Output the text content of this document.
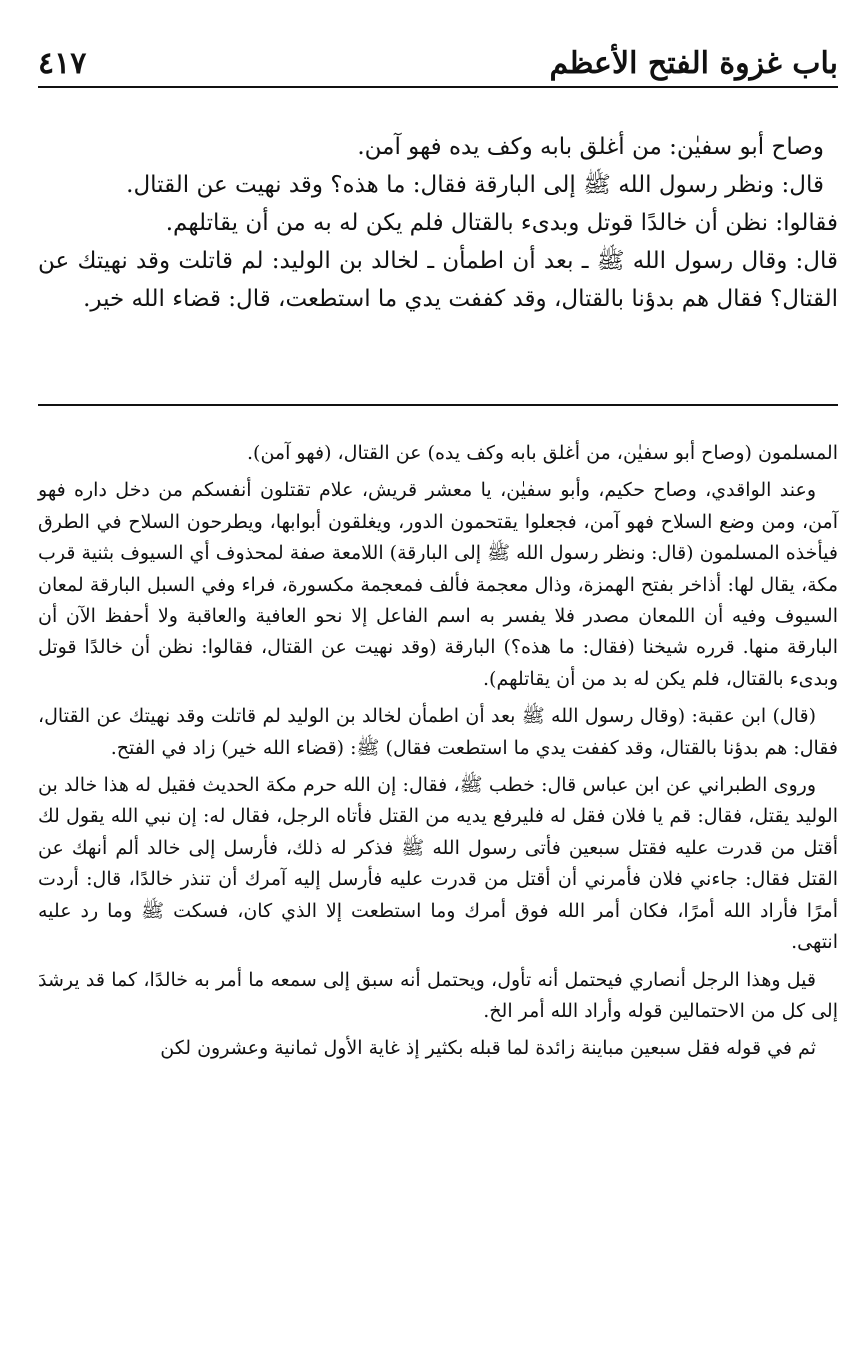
باب غزوة الفتح الأعظم
٤١٧

وصاح أبو سفيٰن: من أغلق بابه وكف يده فهو آمن.

قال: ونظر رسول الله ﷺ إلى البارقة فقال: ما هذه؟ وقد نهيت عن القتال.

فقالوا: نظن أن خالدًا قوتل وبدىء بالقتال فلم يكن له به من أن يقاتلهم.

قال: وقال رسول الله ﷺ ـ بعد أن اطمأن ـ لخالد بن الوليد: لم قاتلت وقد نهيتك عن القتال؟ فقال هم بدؤنا بالقتال، وقد كففت يدي ما استطعت، قال: قضاء الله خير.

المسلمون (وصاح أبو سفيٰن، من أغلق بابه وكف يده) عن القتال، (فهو آمن).

وعند الواقدي، وصاح حكيم، وأبو سفيٰن، يا معشر قريش، علام تقتلون أنفسكم من دخل داره فهو آمن، ومن وضع السلاح فهو آمن، فجعلوا يقتحمون الدور، ويغلقون أبوابها، ويطرحون السلاح في الطرق فيأخذه المسلمون (قال: ونظر رسول الله ﷺ إلى البارقة) اللامعة صفة لمحذوف أي السيوف بثنية قرب مكة، يقال لها: أذاخر بفتح الهمزة، وذال معجمة فألف فمعجمة مكسورة، فراء وفي السبل البارقة لمعان السيوف وفيه أن اللمعان مصدر فلا يفسر به اسم الفاعل إلا نحو العافية والعاقبة ولا أحفظ الآن أن البارقة منها. قرره شيخنا (فقال: ما هذه؟) البارقة (وقد نهيت عن القتال، فقالوا: نظن أن خالدًا قوتل وبدىء بالقتال، فلم يكن له بد من أن يقاتلهم).

(قال) ابن عقبة: (وقال رسول الله ﷺ بعد أن اطمأن لخالد بن الوليد لم قاتلت وقد نهيتك عن القتال، فقال: هم بدؤنا بالقتال، وقد كففت يدي ما استطعت فقال) ﷺ: (قضاء الله خير) زاد في الفتح.

وروى الطبراني عن ابن عباس قال: خطب ﷺ، فقال: إن الله حرم مكة الحديث فقيل له هذا خالد بن الوليد يقتل، فقال: قم يا فلان فقل له فليرفع يديه من القتل فأتاه الرجل، فقال له: إن نبي الله يقول لك أقتل من قدرت عليه فقتل سبعين فأتى رسول الله ﷺ فذكر له ذلك، فأرسل إلى خالد ألم أنهك عن القتل فقال: جاءني فلان فأمرني أن أقتل من قدرت عليه فأرسل إليه آمرك أن تنذر خالدًا، قال: أردت أمرًا فأراد الله أمرًا، فكان أمر الله فوق أمرك وما استطعت إلا الذي كان، فسكت ﷺ وما رد عليه انتهى.

قيل وهذا الرجل أنصاري فيحتمل أنه تأول، ويحتمل أنه سبق إلى سمعه ما أمر به خالدًا، كما قد يرشدَ إلى كل من الاحتمالين قوله وأراد الله أمر الخ.

ثم في قوله فقل سبعين مباينة زائدة لما قبله بكثير إذ غاية الأول ثمانية وعشرون لكن
